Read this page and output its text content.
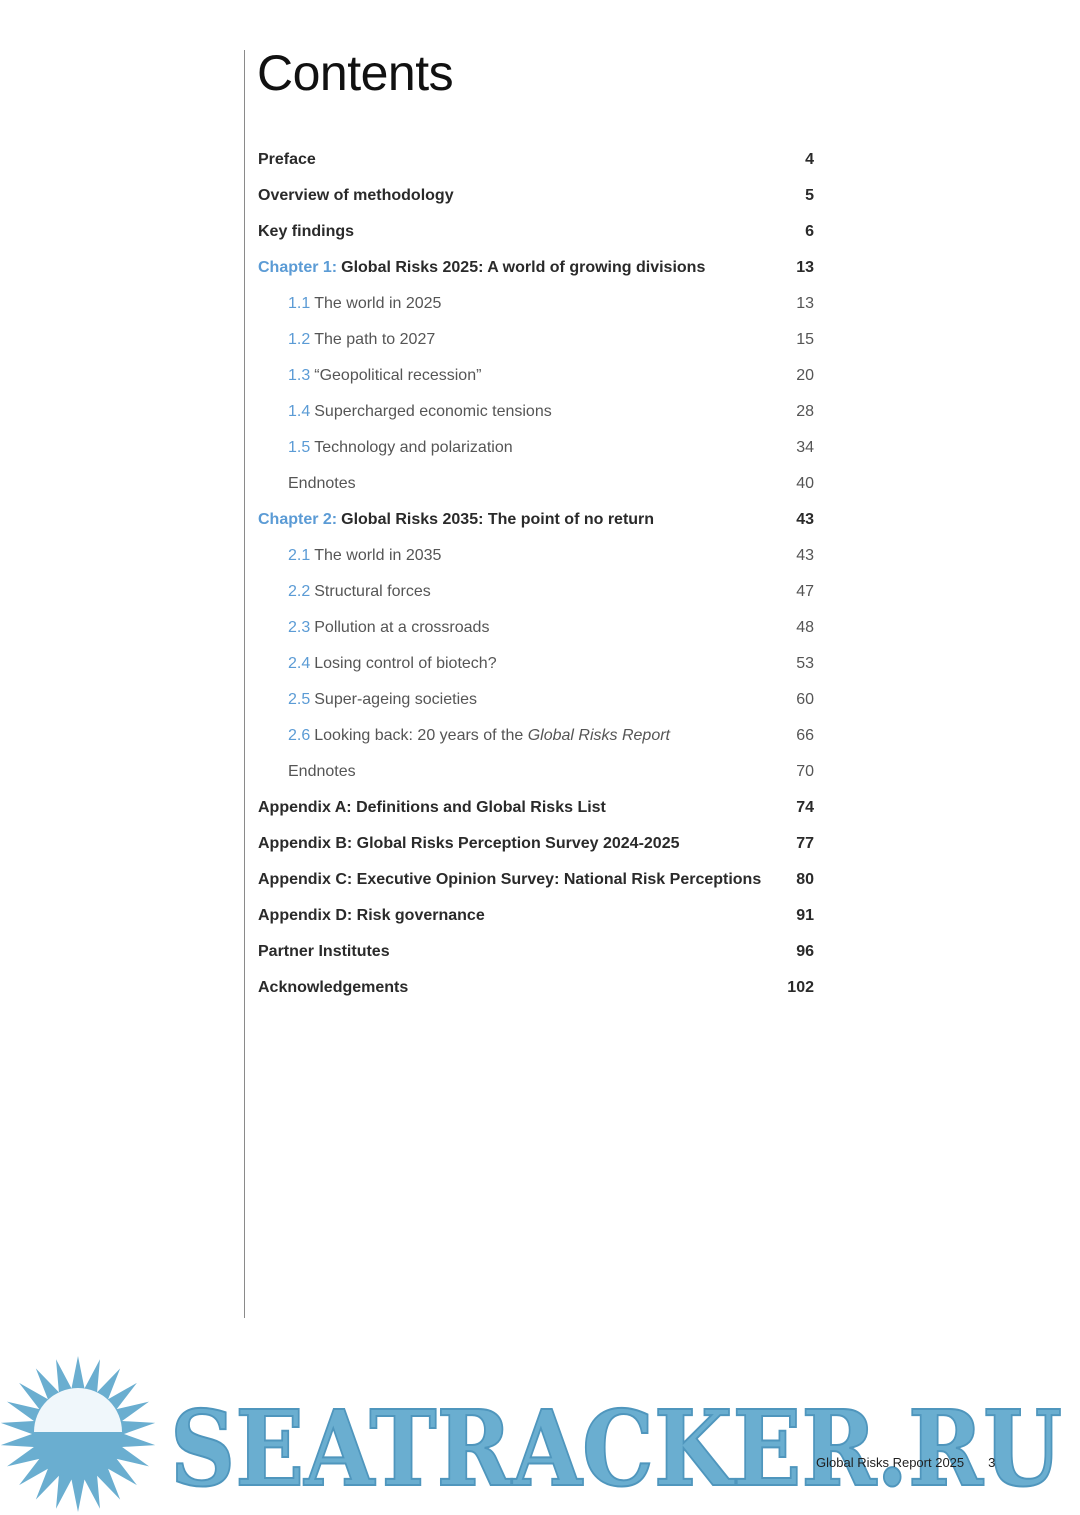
Contents
Preface	4
Overview of methodology	5
Key findings	6
Chapter 1: Global Risks 2025: A world of growing divisions	13
1.1 The world in 2025	13
1.2 The path to 2027	15
1.3 “Geopolitical recession”	20
1.4 Supercharged economic tensions	28
1.5 Technology and polarization	34
Endnotes	40
Chapter 2: Global Risks 2035: The point of no return	43
2.1 The world in 2035	43
2.2 Structural forces	47
2.3 Pollution at a crossroads	48
2.4 Losing control of biotech?	53
2.5 Super-ageing societies	60
2.6 Looking back: 20 years of the Global Risks Report	66
Endnotes	70
Appendix A: Definitions and Global Risks List	74
Appendix B: Global Risks Perception Survey 2024-2025	77
Appendix C: Executive Opinion Survey: National Risk Perceptions 80
Appendix D: Risk governance	91
Partner Institutes	96
Acknowledgements	102
SEATRACKER.RU
Global Risks Report 2025 3
